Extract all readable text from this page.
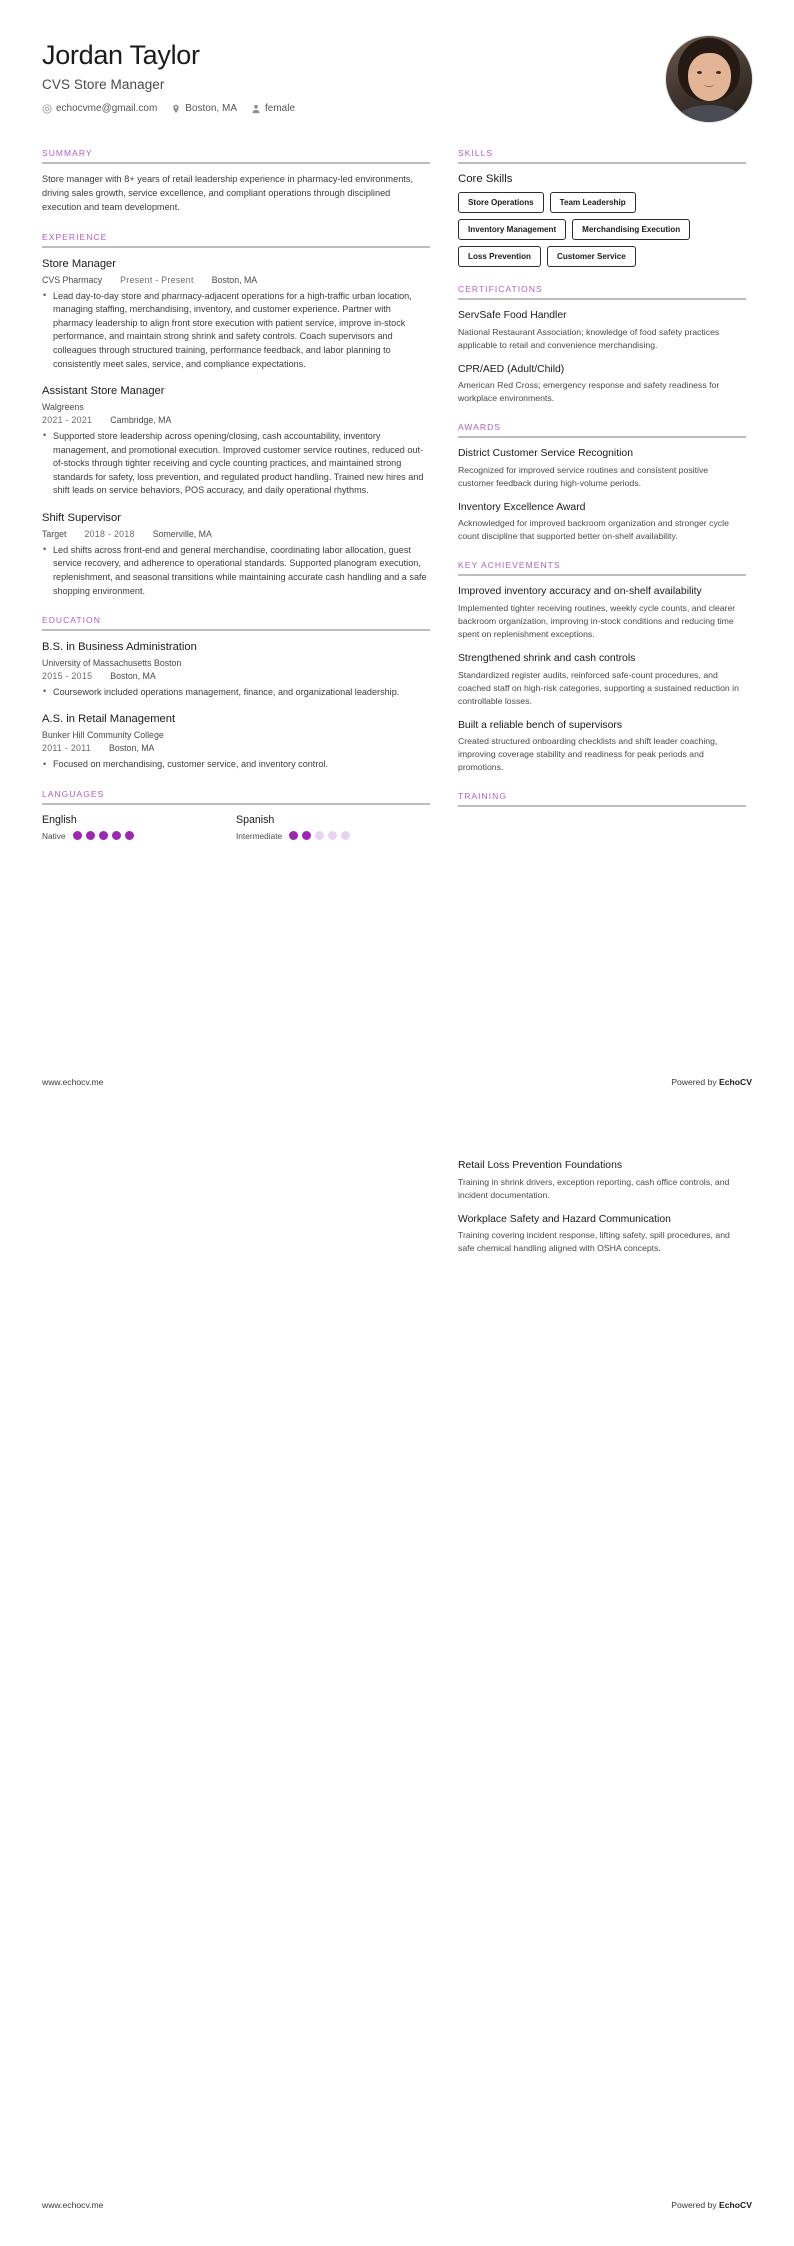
Jordan Taylor
CVS Store Manager
echocvme@gmail.com	Boston, MA	female
SUMMARY
Store manager with 8+ years of retail leadership experience in pharmacy-led environments, driving sales growth, service excellence, and compliant operations through disciplined execution and team development.
EXPERIENCE
Store Manager
CVS Pharmacy Present - Present Boston, MA
• Lead day-to-day store and pharmacy-adjacent operations for a high-traffic urban location, managing staffing, merchandising, inventory, and customer experience. Partner with pharmacy leadership to align front store execution with patient service, improve in-stock performance, and maintain strong shrink and safety controls. Coach supervisors and colleagues through structured training, performance feedback, and labor planning to consistently meet sales, service, and compliance expectations.
Assistant Store Manager
Walgreens
2021 - 2021 Cambridge, MA
• Supported store leadership across opening/closing, cash accountability, inventory management, and promotional execution. Improved customer service routines, reduced out-of-stocks through tighter receiving and cycle counting practices, and maintained strong standards for safety, loss prevention, and regulated product handling. Trained new hires and shift leads on service behaviors, POS accuracy, and daily operational rhythms.
Shift Supervisor
Target 2018 - 2018 Somerville, MA
• Led shifts across front-end and general merchandise, coordinating labor allocation, guest service recovery, and adherence to operational standards. Supported planogram execution, replenishment, and seasonal transitions while maintaining accurate cash handling and a safe shopping environment.
EDUCATION
B.S. in Business Administration
University of Massachusetts Boston
2015 - 2015 Boston, MA
• Coursework included operations management, finance, and organizational leadership.
A.S. in Retail Management
Bunker Hill Community College
2011 - 2011 Boston, MA
• Focused on merchandising, customer service, and inventory control.
LANGUAGES
English
Native
Spanish
Intermediate
SKILLS
Core Skills
Store Operations	Team Leadership
Inventory Management	Merchandising Execution
Loss Prevention	Customer Service
CERTIFICATIONS
ServSafe Food Handler
National Restaurant Association; knowledge of food safety practices applicable to retail and convenience merchandising.
CPR/AED (Adult/Child)
American Red Cross; emergency response and safety readiness for workplace environments.
AWARDS
District Customer Service Recognition
Recognized for improved service routines and consistent positive customer feedback during high-volume periods.
Inventory Excellence Award
Acknowledged for improved backroom organization and stronger cycle count discipline that supported better on-shelf availability.
KEY ACHIEVEMENTS
Improved inventory accuracy and on-shelf availability
Implemented tighter receiving routines, weekly cycle counts, and clearer backroom organization, improving in-stock conditions and reducing time spent on replenishment exceptions.
Strengthened shrink and cash controls
Standardized register audits, reinforced safe-count procedures, and coached staff on high-risk categories, supporting a sustained reduction in controllable losses.
Built a reliable bench of supervisors
Created structured onboarding checklists and shift leader coaching, improving coverage stability and readiness for peak periods and promotions.
TRAINING
www.echocv.me	Powered by EchoCV
Retail Loss Prevention Foundations
Training in shrink drivers, exception reporting, cash office controls, and incident documentation.
Workplace Safety and Hazard Communication
Training covering incident response, lifting safety, spill procedures, and safe chemical handling aligned with OSHA concepts.
www.echocv.me	Powered by EchoCV
